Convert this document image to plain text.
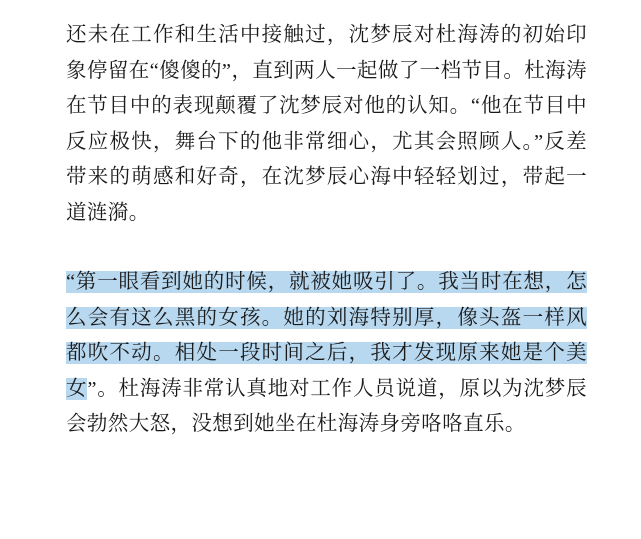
还未在工作和生活中接触过，沈梦辰对杜海涛的初始印象停留在“傻傻的”，直到两人一起做了一档节目。杜海涛在节目中的表现颠覆了沈梦辰对他的认知。“他在节目中反应极快，舞台下的他非常细心，尤其会照顾人。”反差带来的萌感和好奇，在沈梦辰心海中轻轻划过，带起一道涟漪。

“第一眼看到她的时候，就被她吸引了。我当时在想，怎么会有这么黑的女孩。她的刘海特别厚，像头盔一样风都吹不动。相处一段时间之后，我才发现原来她是个美女”。杜海涛非常认真地对工作人员说道，原以为沈梦辰会勃然大怒，没想到她坐在杜海涛身旁咯咯直乐。
